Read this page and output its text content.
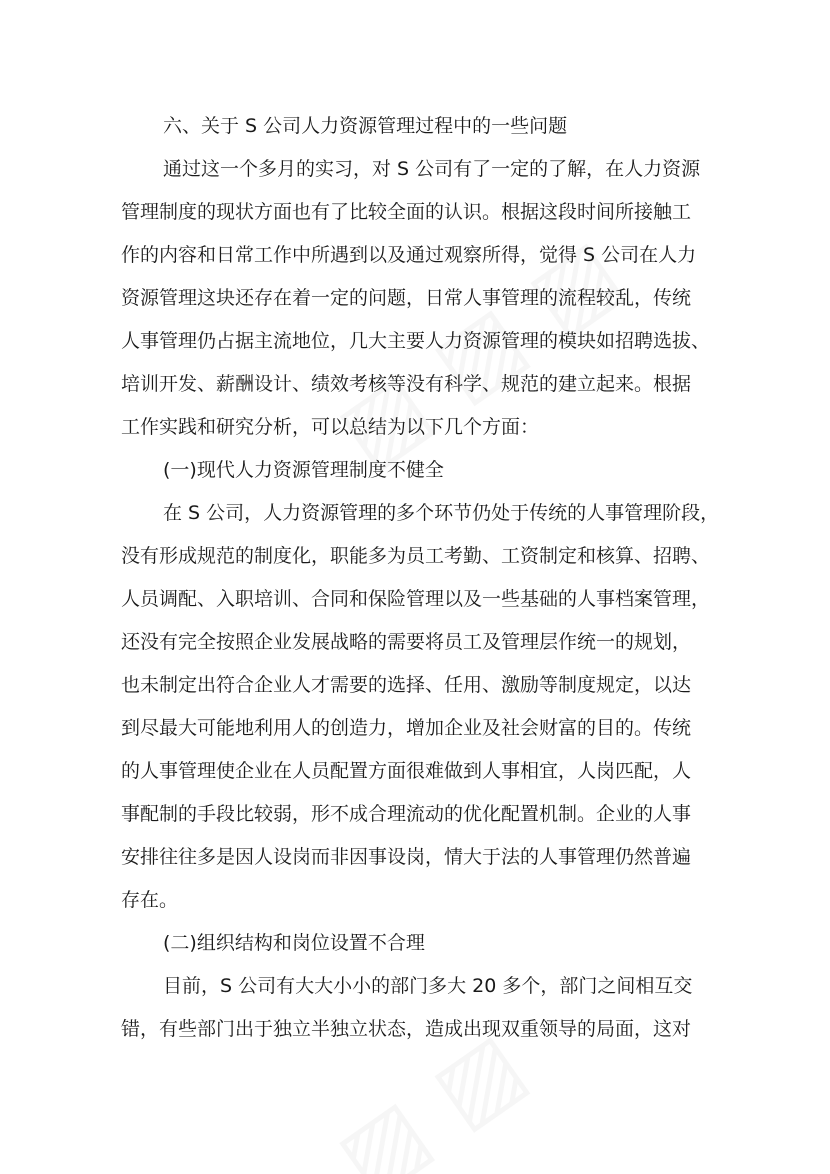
六、关于 S 公司人力资源管理过程中的一些问题
通过这一个多月的实习，对 S 公司有了一定的了解，在人力资源
管理制度的现状方面也有了比较全面的认识。根据这段时间所接触工
作的内容和日常工作中所遇到以及通过观察所得，觉得 S 公司在人力
资源管理这块还存在着一定的问题，日常人事管理的流程较乱，传统
人事管理仍占据主流地位，几大主要人力资源管理的模块如招聘选拔、
培训开发、薪酬设计、绩效考核等没有科学、规范的建立起来。根据
工作实践和研究分析，可以总结为以下几个方面：
(一)现代人力资源管理制度不健全
在 S 公司，人力资源管理的多个环节仍处于传统的人事管理阶段，
没有形成规范的制度化，职能多为员工考勤、工资制定和核算、招聘、
人员调配、入职培训、合同和保险管理以及一些基础的人事档案管理，
还没有完全按照企业发展战略的需要将员工及管理层作统一的规划，
也未制定出符合企业人才需要的选择、任用、激励等制度规定，以达
到尽最大可能地利用人的创造力，增加企业及社会财富的目的。传统
的人事管理使企业在人员配置方面很难做到人事相宜，人岗匹配，人
事配制的手段比较弱，形不成合理流动的优化配置机制。企业的人事
安排往往多是因人设岗而非因事设岗，情大于法的人事管理仍然普遍
存在。
(二)组织结构和岗位设置不合理
目前，S 公司有大大小小的部门多大 20 多个，部门之间相互交
错，有些部门出于独立半独立状态，造成出现双重领导的局面，这对
